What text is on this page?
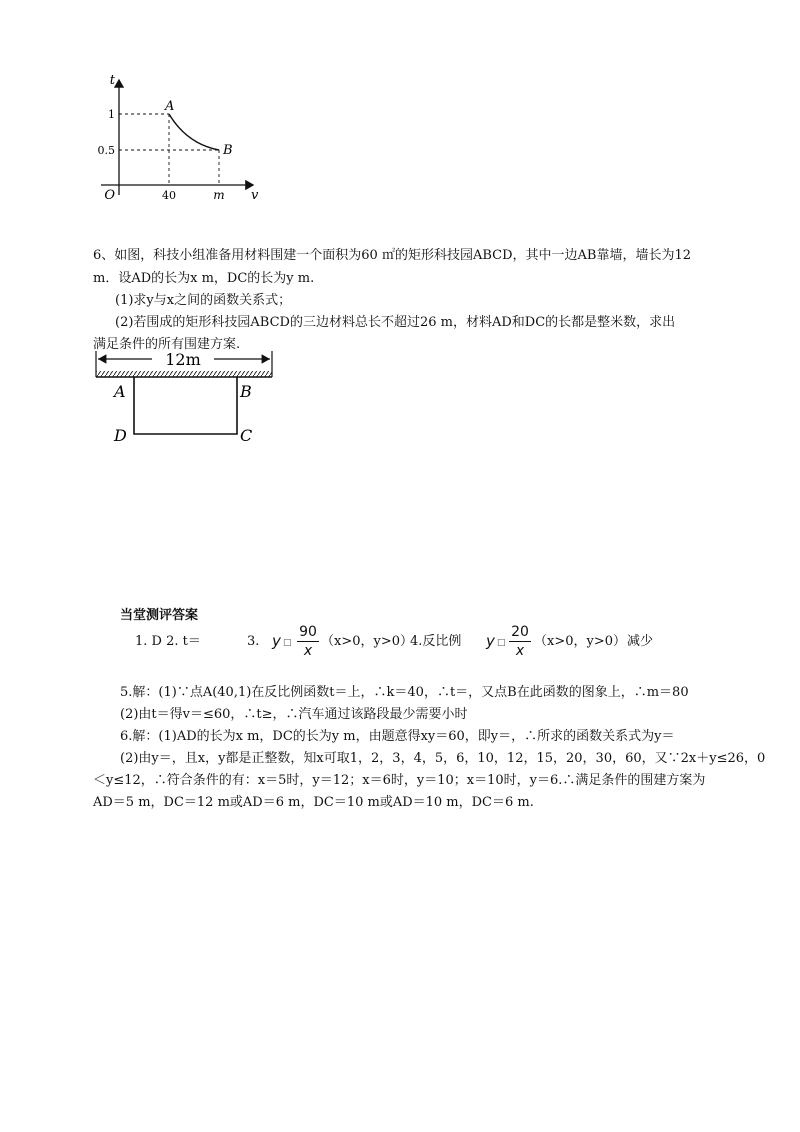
t
v
O
1
0.5
40	m
A
B
6、如图，科技小组准备用材料围建一个面积为60 ㎡的矩形科技园ABCD，其中一边AB靠墙，墙长为12
m．设AD的长为x m，DC的长为y m.
(1)求y与x之间的函数关系式；
(2)若围成的矩形科技园ABCD的三边材料总长不超过26 m，材料AD和DC的长都是整米数，求出
满足条件的所有围建方案.
12m
A	B
D	C
当堂测评答案
1. D 2. t＝	3. y □
90
x
（x>0，y>0）
4.反比例 y □
20
x
（x>0，y>0） 减少
5.解：(1)∵点A(40,1)在反比例函数t＝上，∴k＝40，∴t＝，又点B在此函数的图象上，∴m＝80
(2)由t＝得v＝≤60，∴t≥，∴汽车通过该路段最少需要小时
6.解：(1)AD的长为x m，DC的长为y m，由题意得xy＝60，即y＝，∴所求的函数关系式为y＝
(2)由y＝，且x，y都是正整数，知x可取1，2，3，4，5，6，10，12，15，20，30，60，又∵2x＋y≤26，0
＜y≤12，∴符合条件的有：x＝5时，y＝12；x＝6时，y＝10；x＝10时，y＝6.∴满足条件的围建方案为
AD＝5 m，DC＝12 m或AD＝6 m，DC＝10 m或AD＝10 m，DC＝6 m.
